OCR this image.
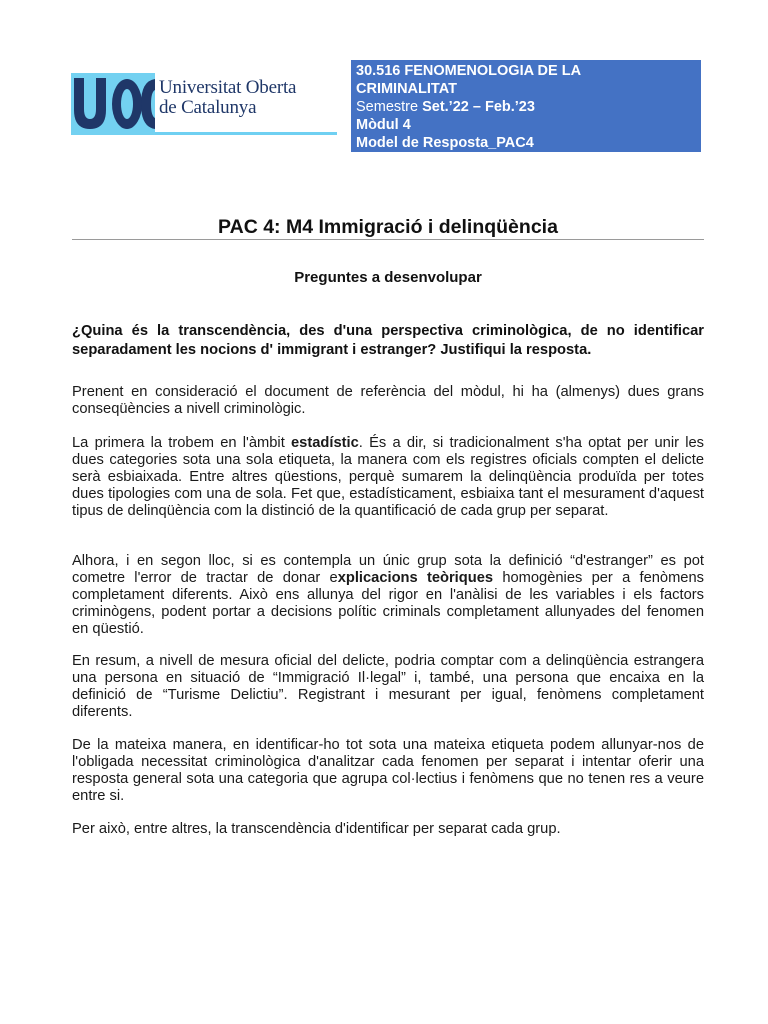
Universitat Oberta
de Catalunya
30.516 FENOMENOLOGIA DE LA
CRIMINALITAT
Semestre Set.’22 – Feb.’23
Mòdul 4
Model de Resposta_PAC4
PAC 4: M4 Immigració i delinqüència
Preguntes a desenvolupar
¿Quina és la transcendència, des d'una perspectiva criminològica, de no identificar separadament les nocions d' immigrant i estranger? Justifiqui la resposta.
Prenent en consideració el document de referència del mòdul, hi ha (almenys) dues grans conseqüències a nivell criminològic.
La primera la trobem en l'àmbit estadístic. És a dir, si tradicionalment s'ha optat per unir les dues categories sota una sola etiqueta, la manera com els registres oficials compten el delicte serà esbiaixada. Entre altres qüestions, perquè sumarem la delinqüència produïda per totes dues tipologies com una de sola. Fet que, estadísticament, esbiaixa tant el mesurament d'aquest tipus de delinqüència com la distinció de la quantificació de cada grup per separat.
Alhora, i en segon lloc, si es contempla un únic grup sota la definició “d'estranger” es pot cometre l'error de tractar de donar explicacions teòriques homogènies per a fenòmens completament diferents. Això ens allunya del rigor en l'anàlisi de les variables i els factors criminògens, podent portar a decisions polític criminals completament allunyades del fenomen en qüestió.
En resum, a nivell de mesura oficial del delicte, podria comptar com a delinqüència estrangera una persona en situació de “Immigració Il·legal” i, també, una persona que encaixa en la definició de “Turisme Delictiu”. Registrant i mesurant per igual, fenòmens completament diferents.
De la mateixa manera, en identificar-ho tot sota una mateixa etiqueta podem allunyar-nos de l'obligada necessitat criminològica d'analitzar cada fenomen per separat i intentar oferir una resposta general sota una categoria que agrupa col·lectius i fenòmens que no tenen res a veure entre si.
Per això, entre altres, la transcendència d'identificar per separat cada grup.
